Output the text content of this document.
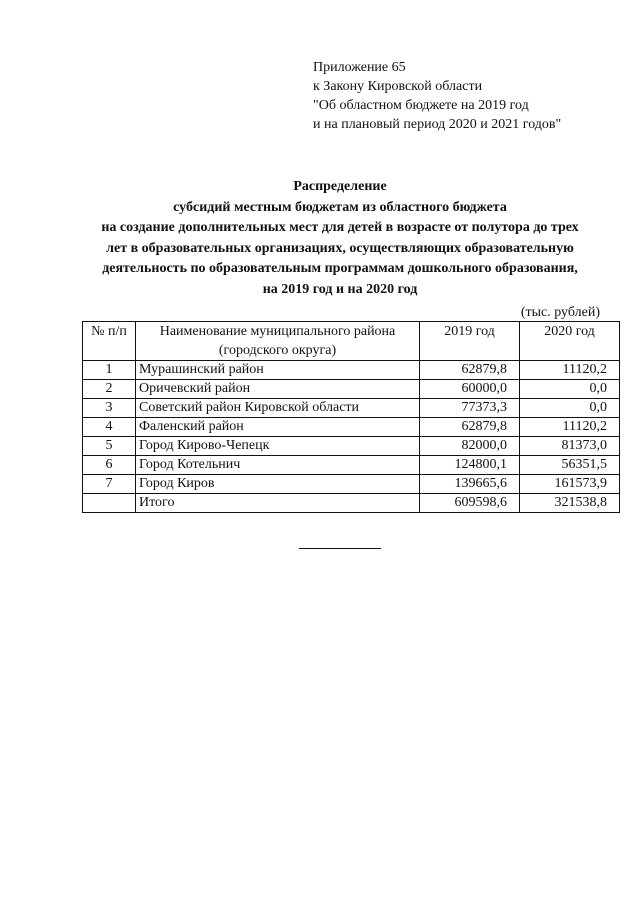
Приложение 65
к Закону Кировской области
"Об областном бюджете на 2019 год
и на плановый период 2020 и 2021 годов"
Распределение
субсидий местным бюджетам из областного бюджета
на создание дополнительных мест для детей в возрасте от полутора до трех
лет в образовательных организациях, осуществляющих образовательную
деятельность по образовательным программам дошкольного образования,
на 2019 год и на 2020 год
(тыс. рублей)
№ п/п	Наименование муниципального района (городского округа)	2019 год	2020 год
1	Мурашинский район	62879,8	11120,2
2	Оричевский район	60000,0	0,0
3	Советский район Кировской области	77373,3	0,0
4	Фаленский район	62879,8	11120,2
5	Город Кирово-Чепецк	82000,0	81373,0
6	Город Котельнич	124800,1	56351,5
7	Город Киров	139665,6	161573,9
	Итого	609598,6	321538,8
